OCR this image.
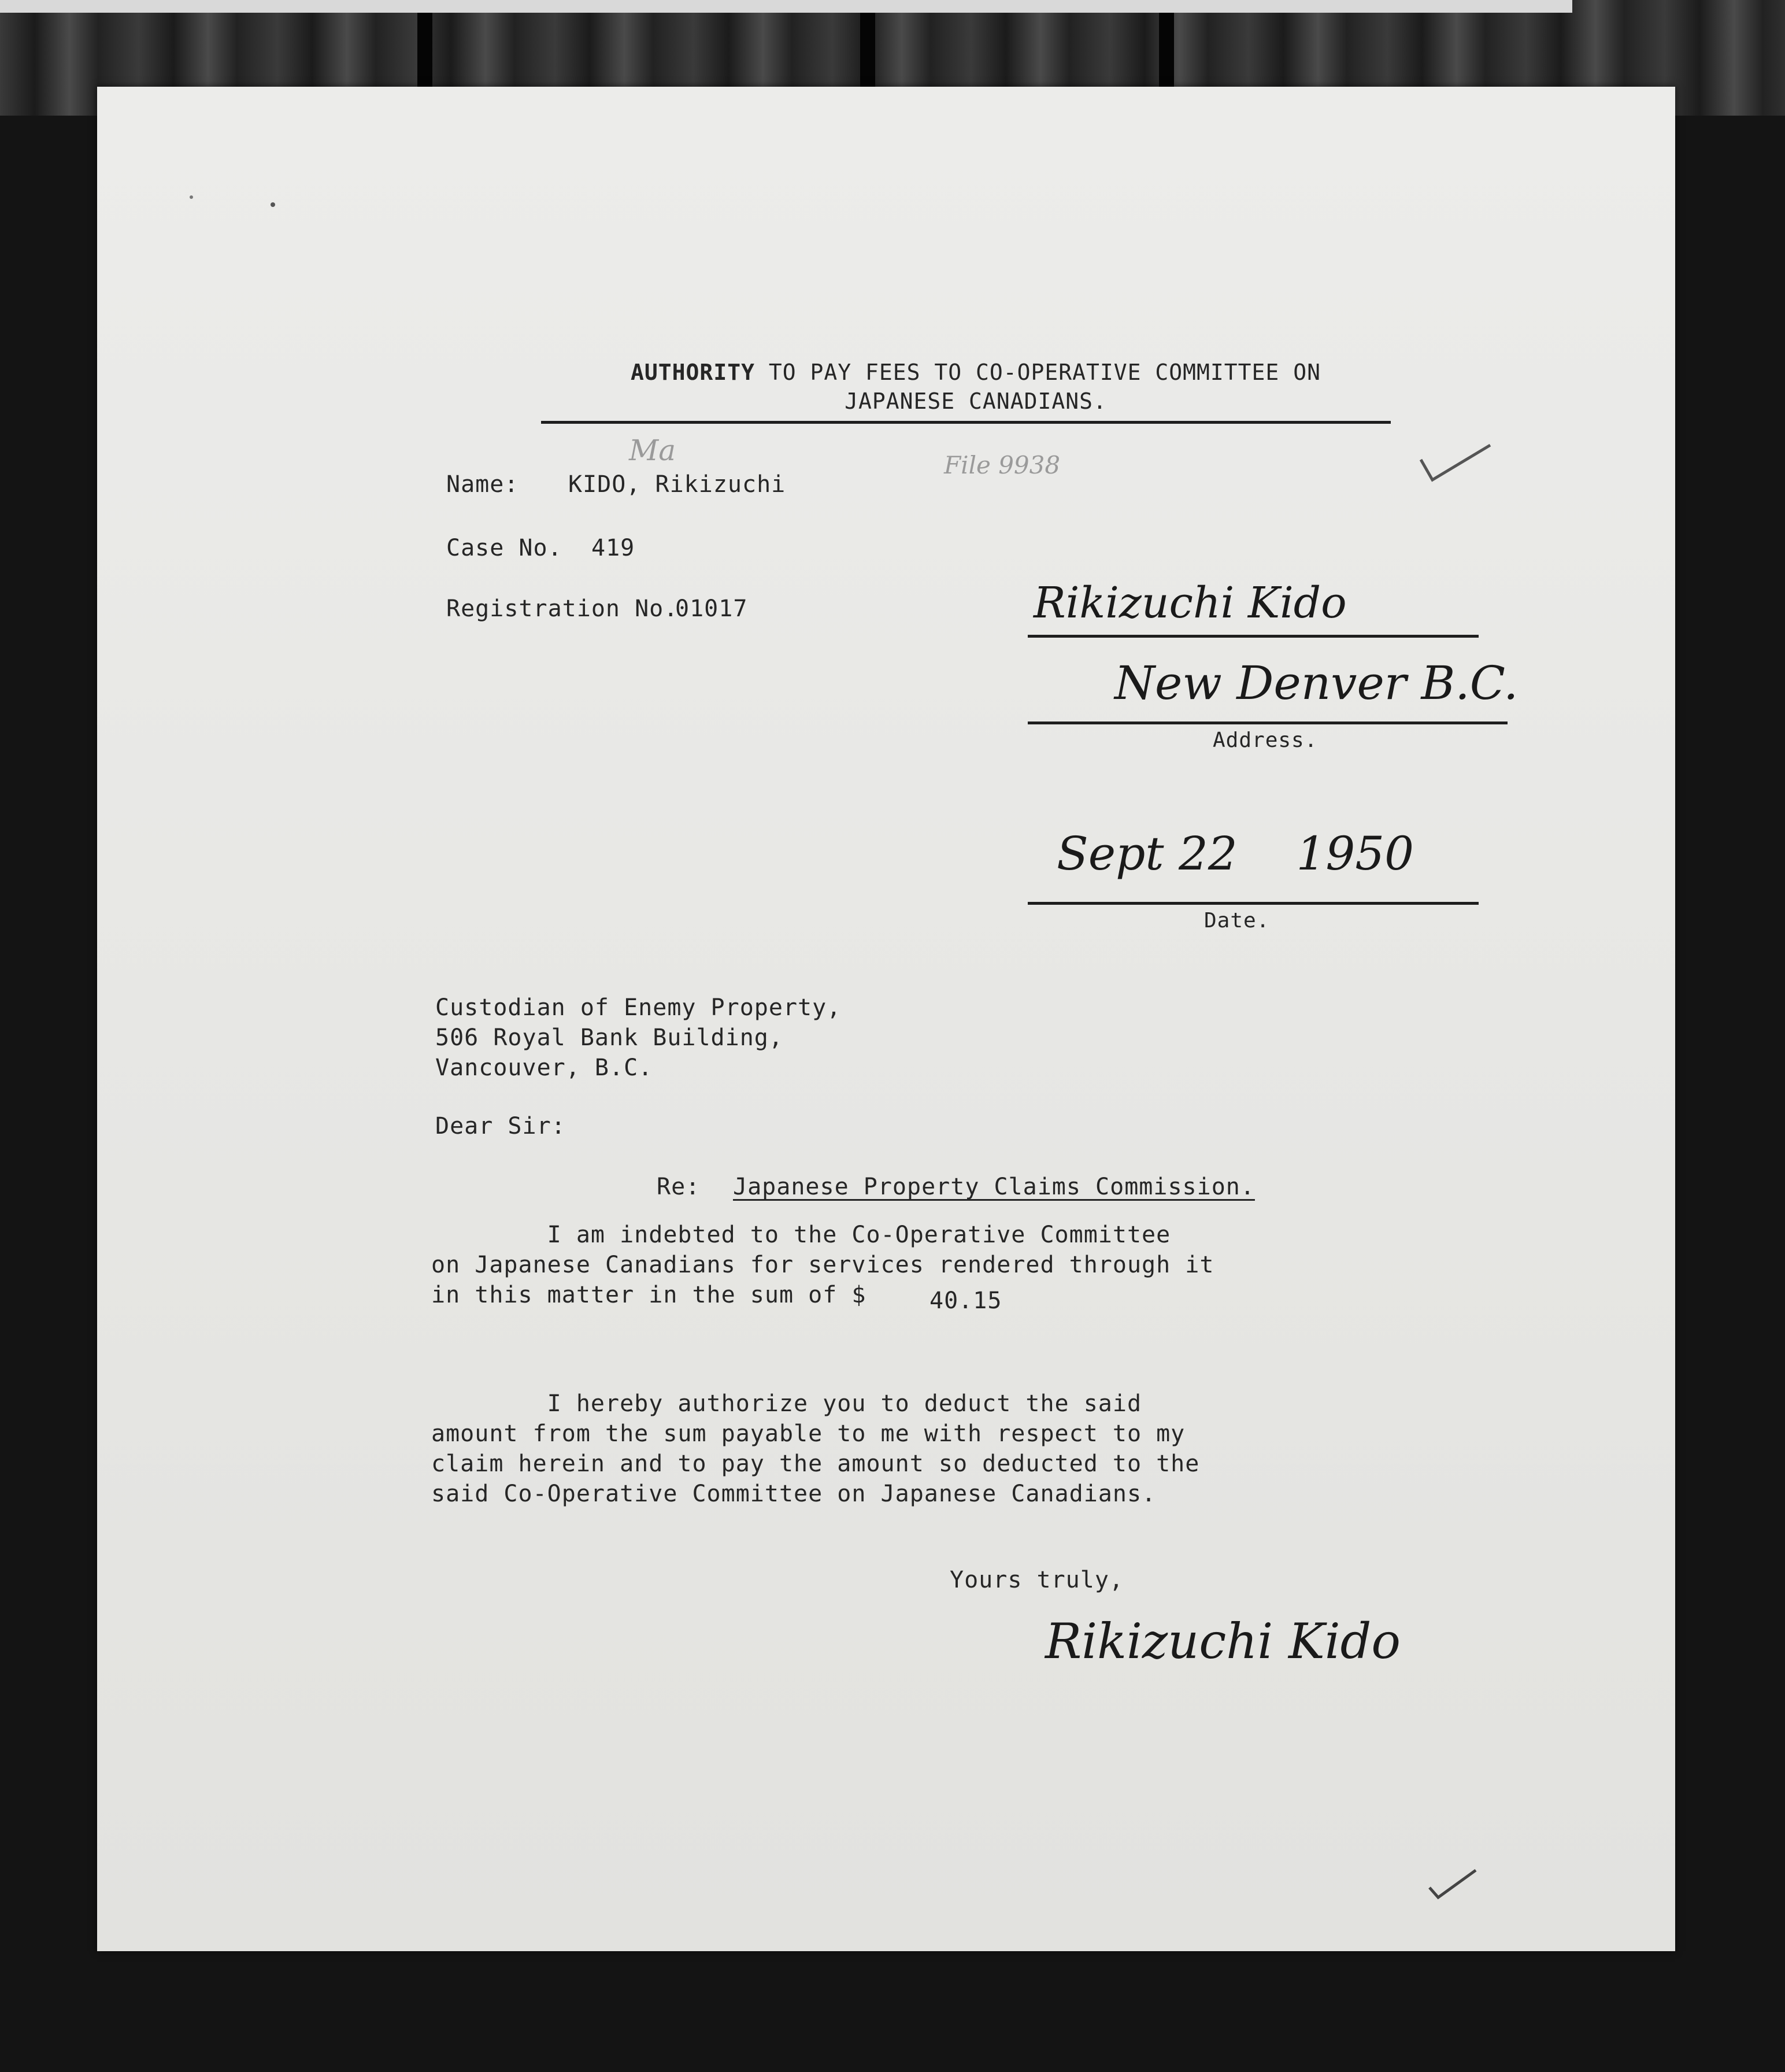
AUTHORITY TO PAY FEES TO CO-OPERATIVE COMMITTEE ON
JAPANESE CANADIANS.
Ma	File 9938
Name: KIDO, Rikizuchi
Case No. 419
Registration No.
01017	Rikizuchi Kido
New Denver B.C.
Address.
Sept 22    1950
Date.
Custodian of Enemy Property,
506 Royal Bank Building,
Vancouver, B.C.
Dear Sir:
Re: Japanese Property Claims Commission.
I am indebted to the Co-Operative Committee
on Japanese Canadians for services rendered through it
in this matter in the sum of $	40.15
I hereby authorize you to deduct the said
amount from the sum payable to me with respect to my
claim herein and to pay the amount so deducted to the
said Co-Operative Committee on Japanese Canadians.
Yours truly,
Rikizuchi Kido
